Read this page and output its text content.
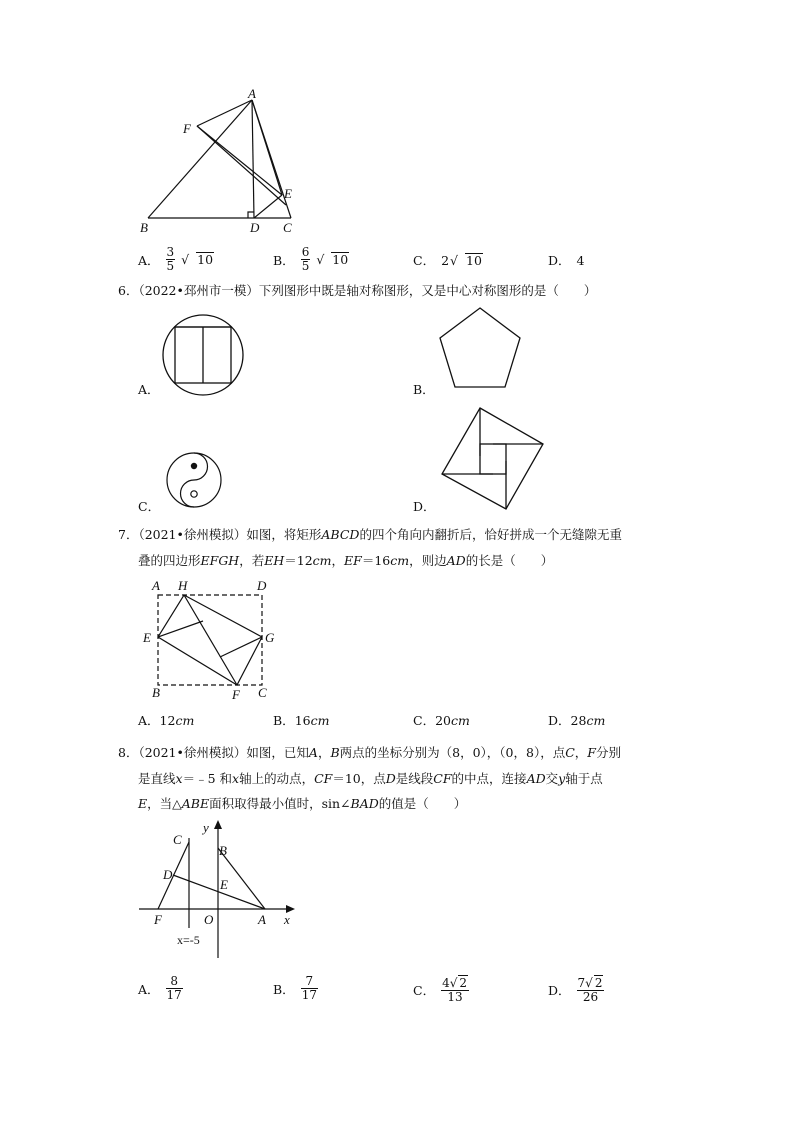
A
F
E
B	D C
A． $\frac{3}{5}$ √ 10	B． $\frac{6}{5}$ √ 10	C． 2 √ 10	D． 4
6．（2022•邳州市一模）下列图形中既是轴对称图形，又是中心对称图形的是（　　）
A．	B．
C．	D．
7．（2021•徐州模拟）如图，将矩形ABCD的四个角向内翻折后，恰好拼成一个无缝隙无重
叠的四边形EFGH，若EH＝12cm，EF＝16cm，则边AD的长是（　　）
A H	D
E	G
B	F C
A．12cm	B．16cm	C．20cm	D．28cm
8．（2021•徐州模拟）如图，已知A，B两点的坐标分别为（8，0），（0，8），点C，F分别
是直线x＝﹣5 和x轴上的动点，CF＝10，点D是线段CF的中点，连接AD交y轴于点
E，当△ABE面积取得最小值时，sin∠BAD的值是（　　）
C
y
B
D
E
F	O	A x
x=-5
A． $\frac{8}{17}$	B． $\frac{7}{17}$	C． $\frac{4√ 2}{13}$	D． $\frac{7√ 2}{26}$
